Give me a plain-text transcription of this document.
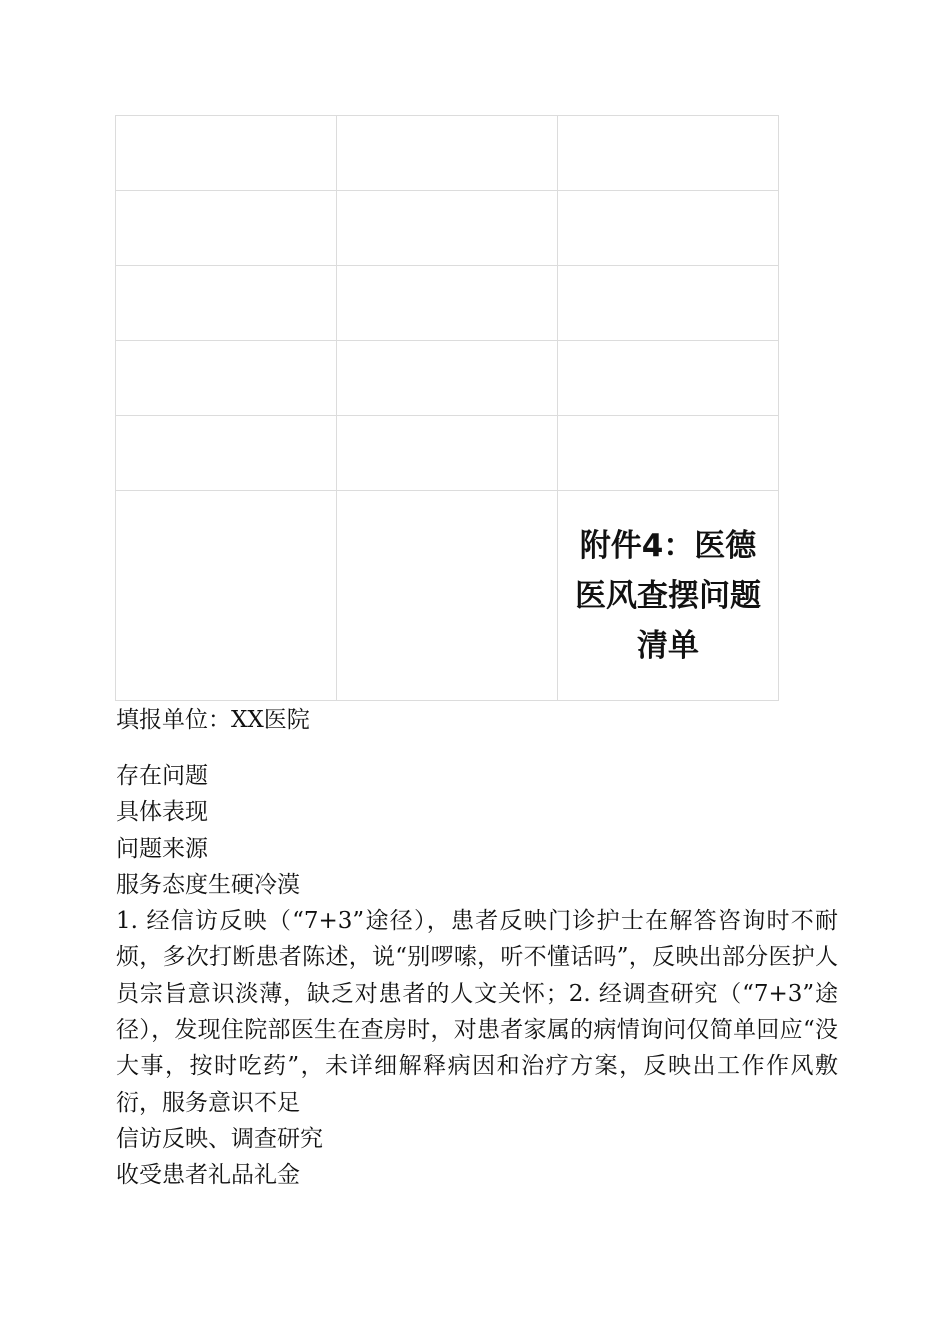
		附件4：医德医风查摆问题清单
填报单位：XX医院

存在问题

具体表现

问题来源

服务态度生硬冷漠

1. 经信访反映（“7+3”途径），患者反映门诊护士在解答咨询时不耐烦，多次打断患者陈述，说“别啰嗦，听不懂话吗”，反映出部分医护人员宗旨意识淡薄，缺乏对患者的人文关怀；2. 经调查研究（“7+3”途径），发现住院部医生在查房时，对患者家属的病情询问仅简单回应“没大事，按时吃药”，未详细解释病因和治疗方案，反映出工作作风敷衍，服务意识不足

信访反映、调查研究

收受患者礼品礼金
